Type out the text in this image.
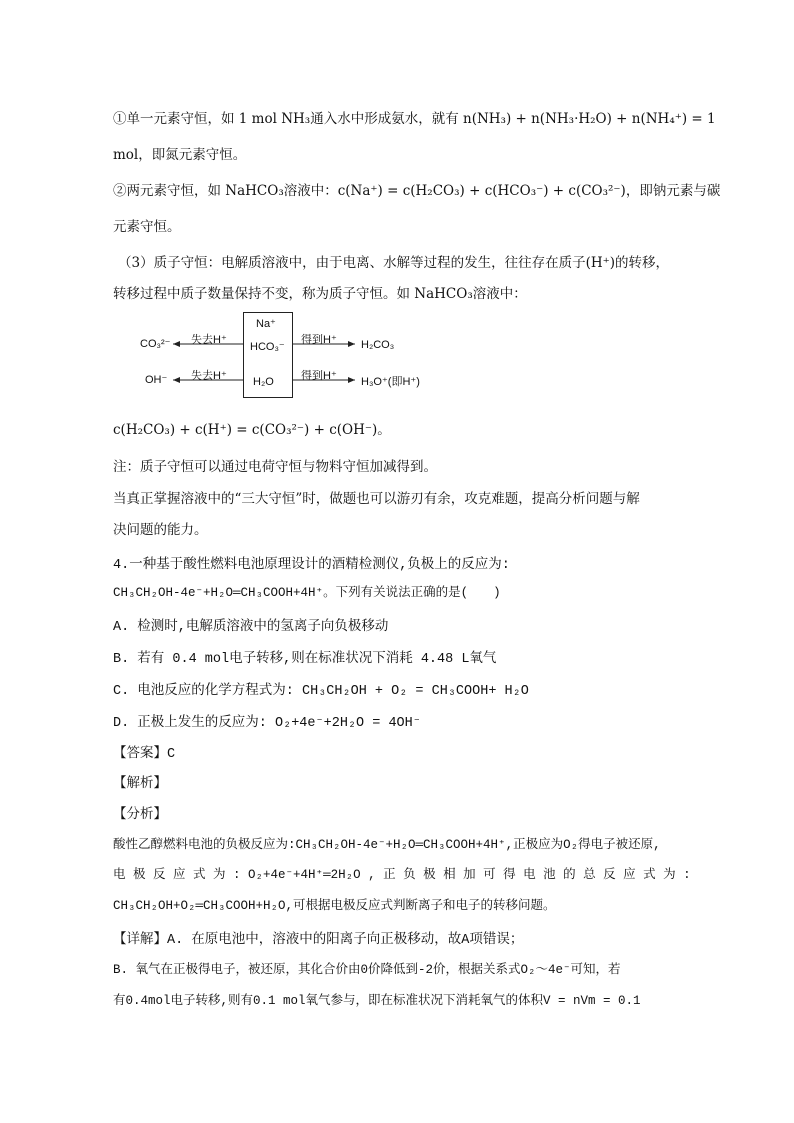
①单一元素守恒，如 1 mol NH₃通入水中形成氨水，就有 n(NH₃) + n(NH₃·H₂O) + n(NH₄⁺) = 1
mol，即氮元素守恒。
②两元素守恒，如 NaHCO₃溶液中：c(Na⁺) = c(H₂CO₃) + c(HCO₃⁻) + c(CO₃²⁻)，即钠元素与碳
元素守恒。
（3）质子守恒：电解质溶液中，由于电离、水解等过程的发生，往往存在质子(H⁺)的转移，
转移过程中质子数量保持不变，称为质子守恒。如 NaHCO₃溶液中：
CO₃²⁻
OH⁻
失去H⁺
失去H⁺
Na⁺
HCO₃⁻
H₂O
得到H⁺
得到H⁺
H₂CO₃
H₃O⁺(即H⁺)
c(H₂CO₃) + c(H⁺) = c(CO₃²⁻) + c(OH⁻)。
注：质子守恒可以通过电荷守恒与物料守恒加减得到。
当真正掌握溶液中的“三大守恒”时，做题也可以游刃有余，攻克难题，提高分析问题与解
决问题的能力。
4.一种基于酸性燃料电池原理设计的酒精检测仪,负极上的反应为:
CH₃CH₂OH-4e⁻+H₂O═CH₃COOH+4H⁺。下列有关说法正确的是(　　)
A. 检测时,电解质溶液中的氢离子向负极移动
B. 若有 0.4 mol电子转移,则在标准状况下消耗 4.48 L氧气
C. 电池反应的化学方程式为: CH₃CH₂OH + O₂ = CH₃COOH+ H₂O
D. 正极上发生的反应为: O₂+4e⁻+2H₂O = 4OH⁻
【答案】C
【解析】
【分析】
酸性乙醇燃料电池的负极反应为:CH₃CH₂OH-4e⁻+H₂O═CH₃COOH+4H⁺,正极应为O₂得电子被还原,
电 极 反 应 式 为 : O₂+4e⁻+4H⁺═2H₂O , 正 负 极 相 加 可 得 电 池 的 总 反 应 式 为 :
CH₃CH₂OH+O₂═CH₃COOH+H₂O,可根据电极反应式判断离子和电子的转移问题。
【详解】A. 在原电池中，溶液中的阳离子向正极移动，故A项错误；
B. 氧气在正极得电子，被还原，其化合价由0价降低到-2价，根据关系式O₂～4e⁻可知，若
有0.4mol电子转移,则有0.1 mol氧气参与，即在标准状况下消耗氧气的体积V = nVm = 0.1
